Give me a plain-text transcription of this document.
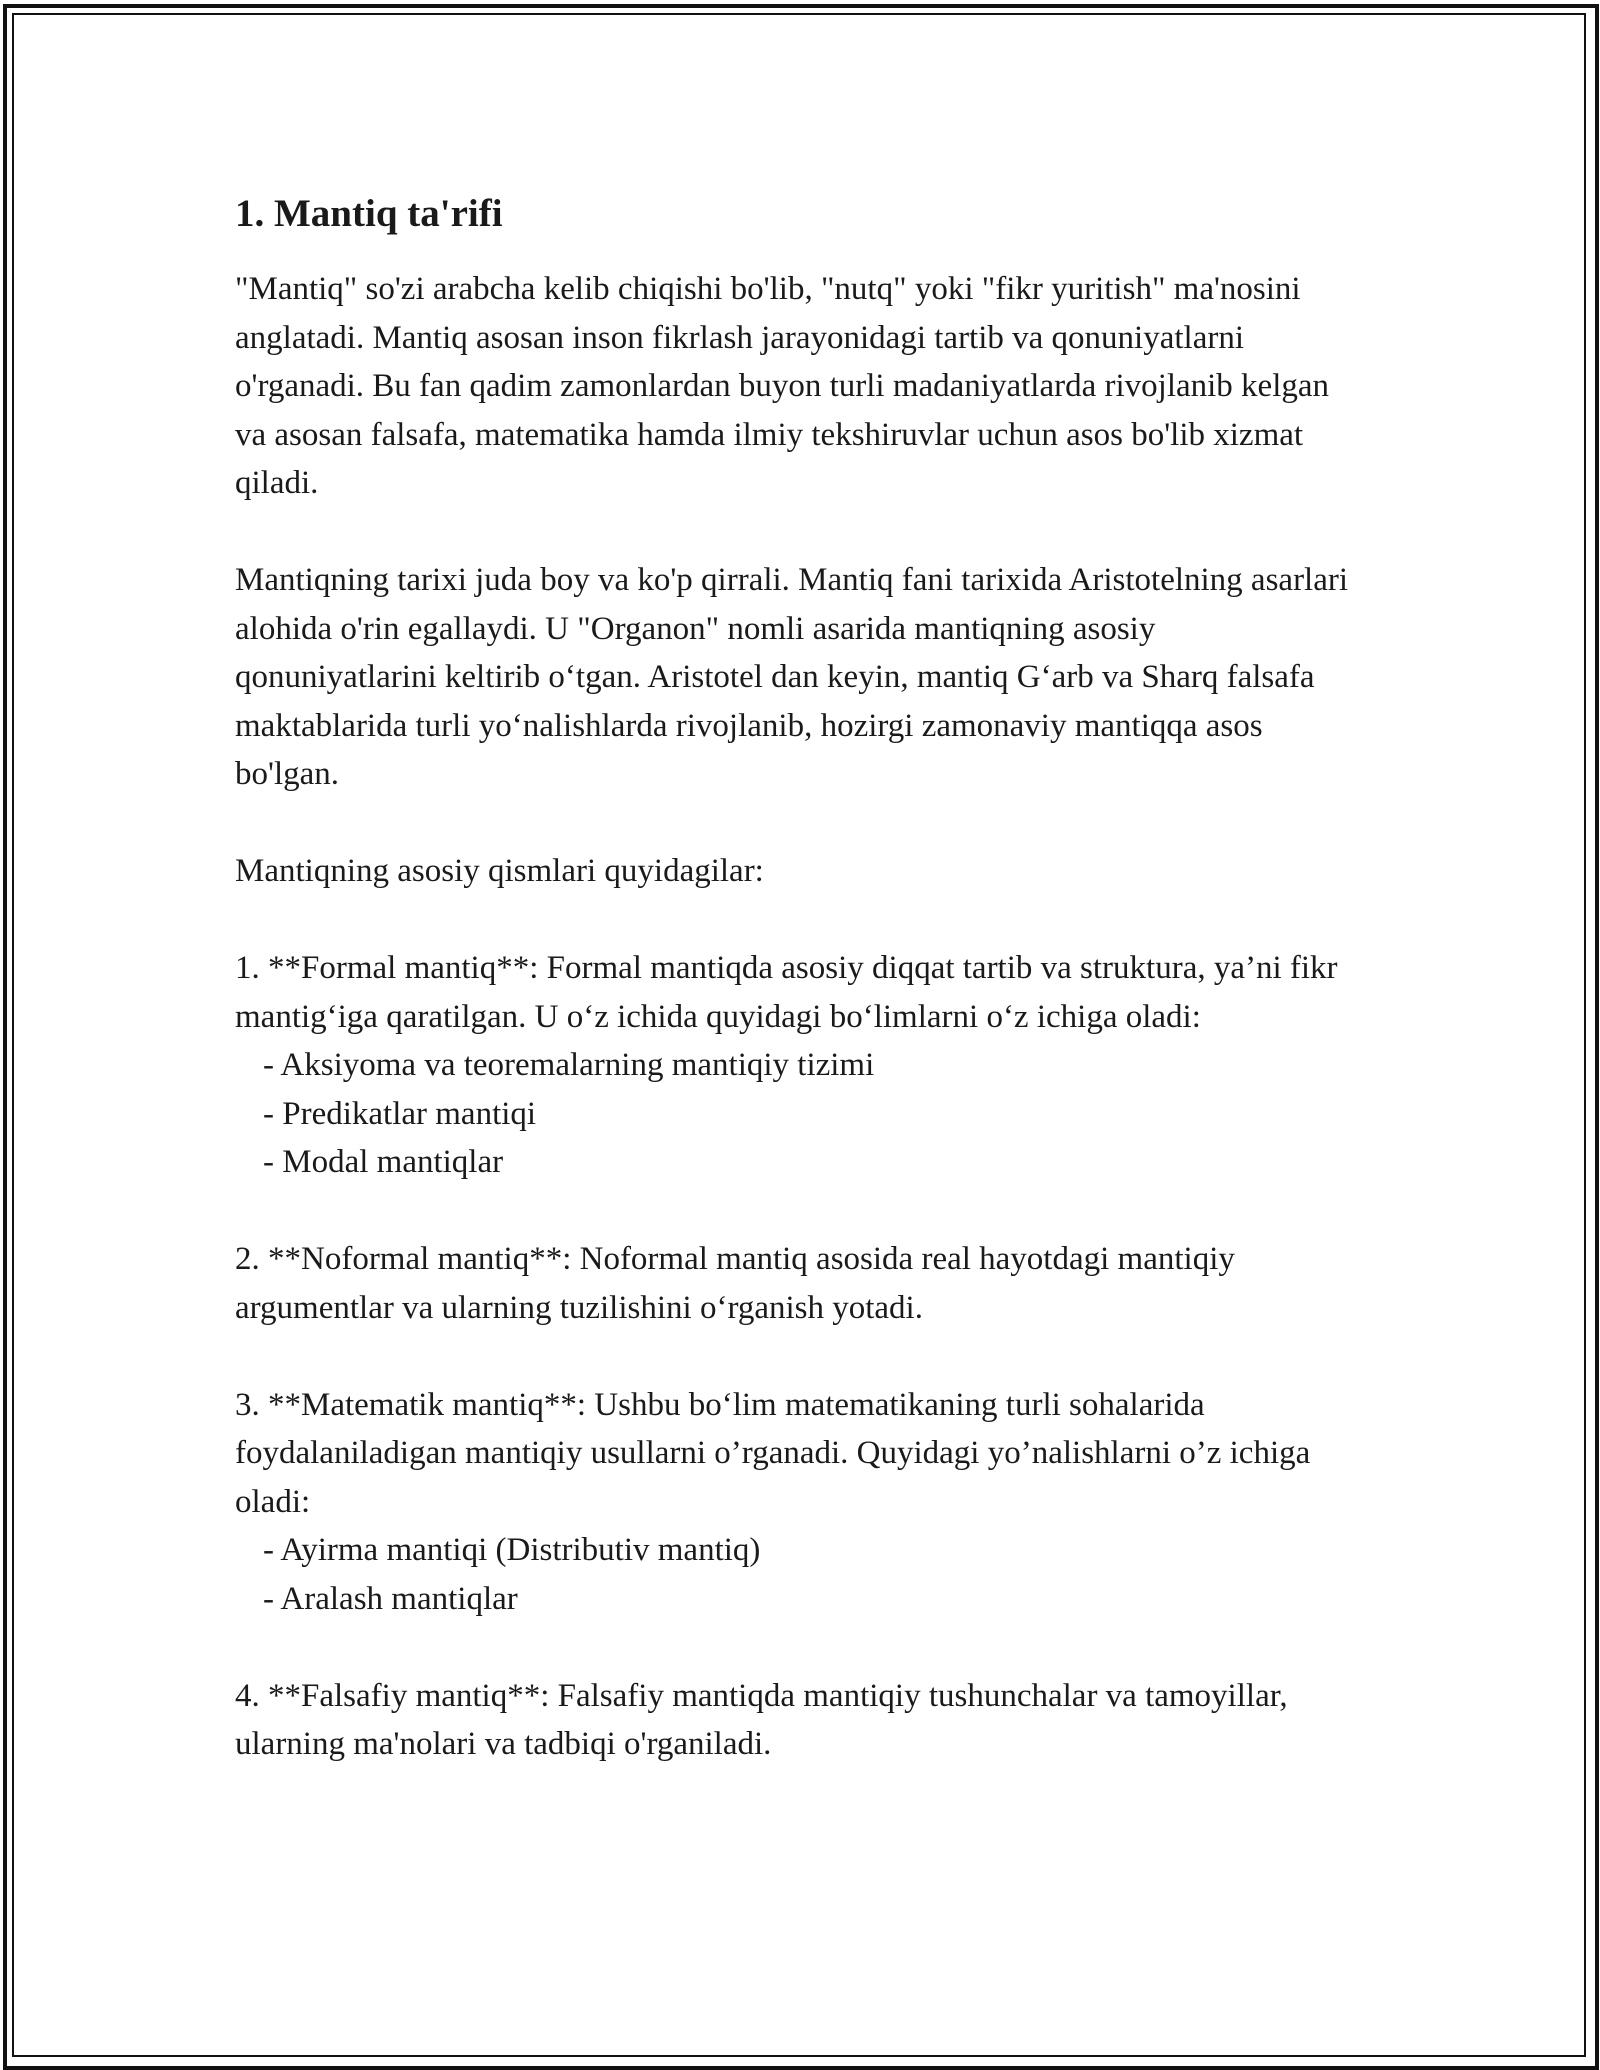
1. Mantiq ta'rifi

"Mantiq" so'zi arabcha kelib chiqishi bo'lib, "nutq" yoki "fikr yuritish" ma'nosini anglatadi. Mantiq asosan inson fikrlash jarayonidagi tartib va qonuniyatlarni o'rganadi. Bu fan qadim zamonlardan buyon turli madaniyatlarda rivojlanib kelgan va asosan falsafa, matematika hamda ilmiy tekshiruvlar uchun asos bo'lib xizmat qiladi.

Mantiqning tarixi juda boy va ko'p qirrali. Mantiq fani tarixida Aristotelning asarlari alohida o'rin egallaydi. U "Organon" nomli asarida mantiqning asosiy qonuniyatlarini keltirib o‘tgan. Aristotel dan keyin, mantiq G‘arb va Sharq falsafa maktablarida turli yo‘nalishlarda rivojlanib, hozirgi zamonaviy mantiqqa asos bo'lgan.

Mantiqning asosiy qismlari quyidagilar:

1. **Formal mantiq**: Formal mantiqda asosiy diqqat tartib va struktura, ya’ni fikr mantig‘iga qaratilgan. U o‘z ichida quyidagi bo‘limlarni o‘z ichiga oladi:

- Aksiyoma va teoremalarning mantiqiy tizimi

- Predikatlar mantiqi

- Modal mantiqlar

2. **Noformal mantiq**: Noformal mantiq asosida real hayotdagi mantiqiy argumentlar va ularning tuzilishini o‘rganish yotadi.

3. **Matematik mantiq**: Ushbu bo‘lim matematikaning turli sohalarida foydalaniladigan mantiqiy usullarni o’rganadi. Quyidagi yo’nalishlarni o’z ichiga oladi:

- Ayirma mantiqi (Distributiv mantiq)

- Aralash mantiqlar

4. **Falsafiy mantiq**: Falsafiy mantiqda mantiqiy tushunchalar va tamoyillar, ularning ma'nolari va tadbiqi o'rganiladi.
